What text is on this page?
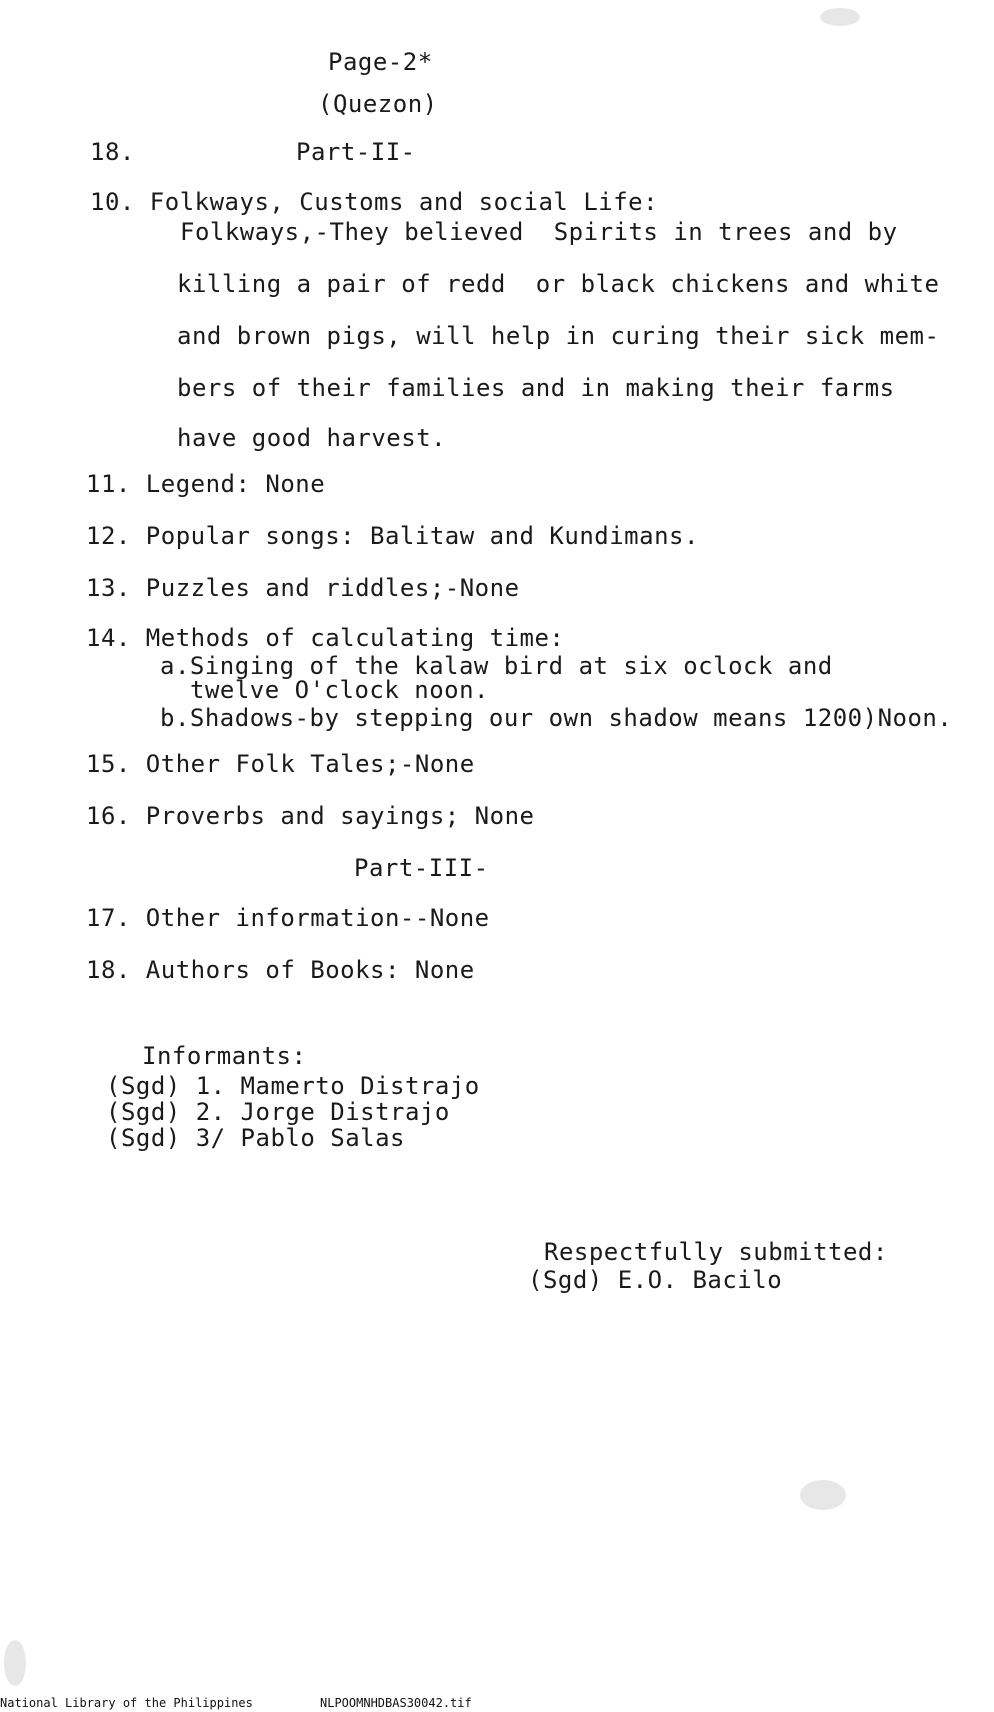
Page-2*
(Quezon)
18.	Part-II-
10. Folkways, Customs and social Life:
Folkways,-They believed  Spirits in trees and by
killing a pair of redd  or black chickens and white
and brown pigs, will help in curing their sick mem-
bers of their families and in making their farms
have good harvest.
11. Legend: None
12. Popular songs: Balitaw and Kundimans.
13. Puzzles and riddles;-None
14. Methods of calculating time:
a.Singing of the kalaw bird at six oclock and
twelve O'clock noon.
b.Shadows-by stepping our own shadow means 1200)Noon.
15. Other Folk Tales;-None
16. Proverbs and sayings; None
Part-III-
17. Other information--None
18. Authors of Books: None
Informants:
(Sgd) 1. Mamerto Distrajo
(Sgd) 2. Jorge Distrajo
(Sgd) 3/ Pablo Salas
Respectfully submitted:
(Sgd) E.O. Bacilo
National Library of the Philippines	NLPOOMNHDBAS30042.tif
